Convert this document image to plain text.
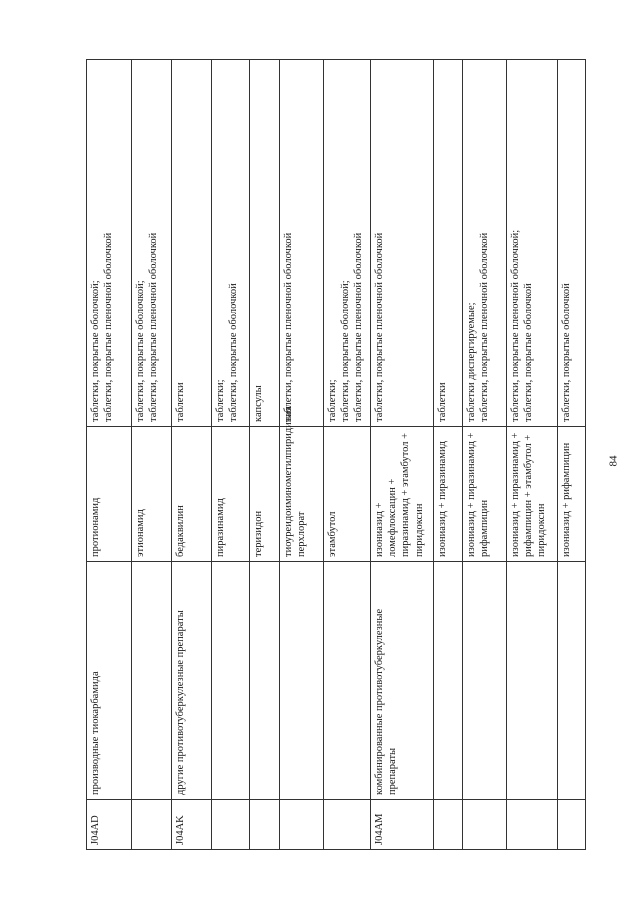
J04AD	производные тиокарбамида	протионамид	таблетки, покрытые оболочкой; таблетки, покрытые пленочной оболочкой

		этионамид	таблетки, покрытые оболочкой; таблетки, покрытые пленочной оболочкой

J04AK	другие противотуберкулезные препараты	бедаквилин	таблетки

		пиразинамид	таблетки; таблетки, покрытые оболочкой

		теризидон	капсулы

		тиоуреидоиминометилпиридиния перхлорат	таблетки, покрытые пленочной оболочкой

		этамбутол	таблетки; таблетки, покрытые оболочкой; таблетки, покрытые пленочной оболочкой

J04AM	комбинированные противотуберкулезные препараты	изониазид + ломефлоксацин + пиразинамид + этамбутол + пиридоксин	таблетки, покрытые пленочной оболочкой

		изониазид + пиразинамид	таблетки

		изониазид + пиразинамид + рифампицин	таблетки диспергируемые; таблетки, покрытые пленочной оболочкой

		изониазид + пиразинамид + рифампицин + этамбутол + пиридоксин	таблетки, покрытые пленочной оболочкой; таблетки, покрытые оболочкой

		изониазид + рифампицин	таблетки, покрытые оболочкой
84
